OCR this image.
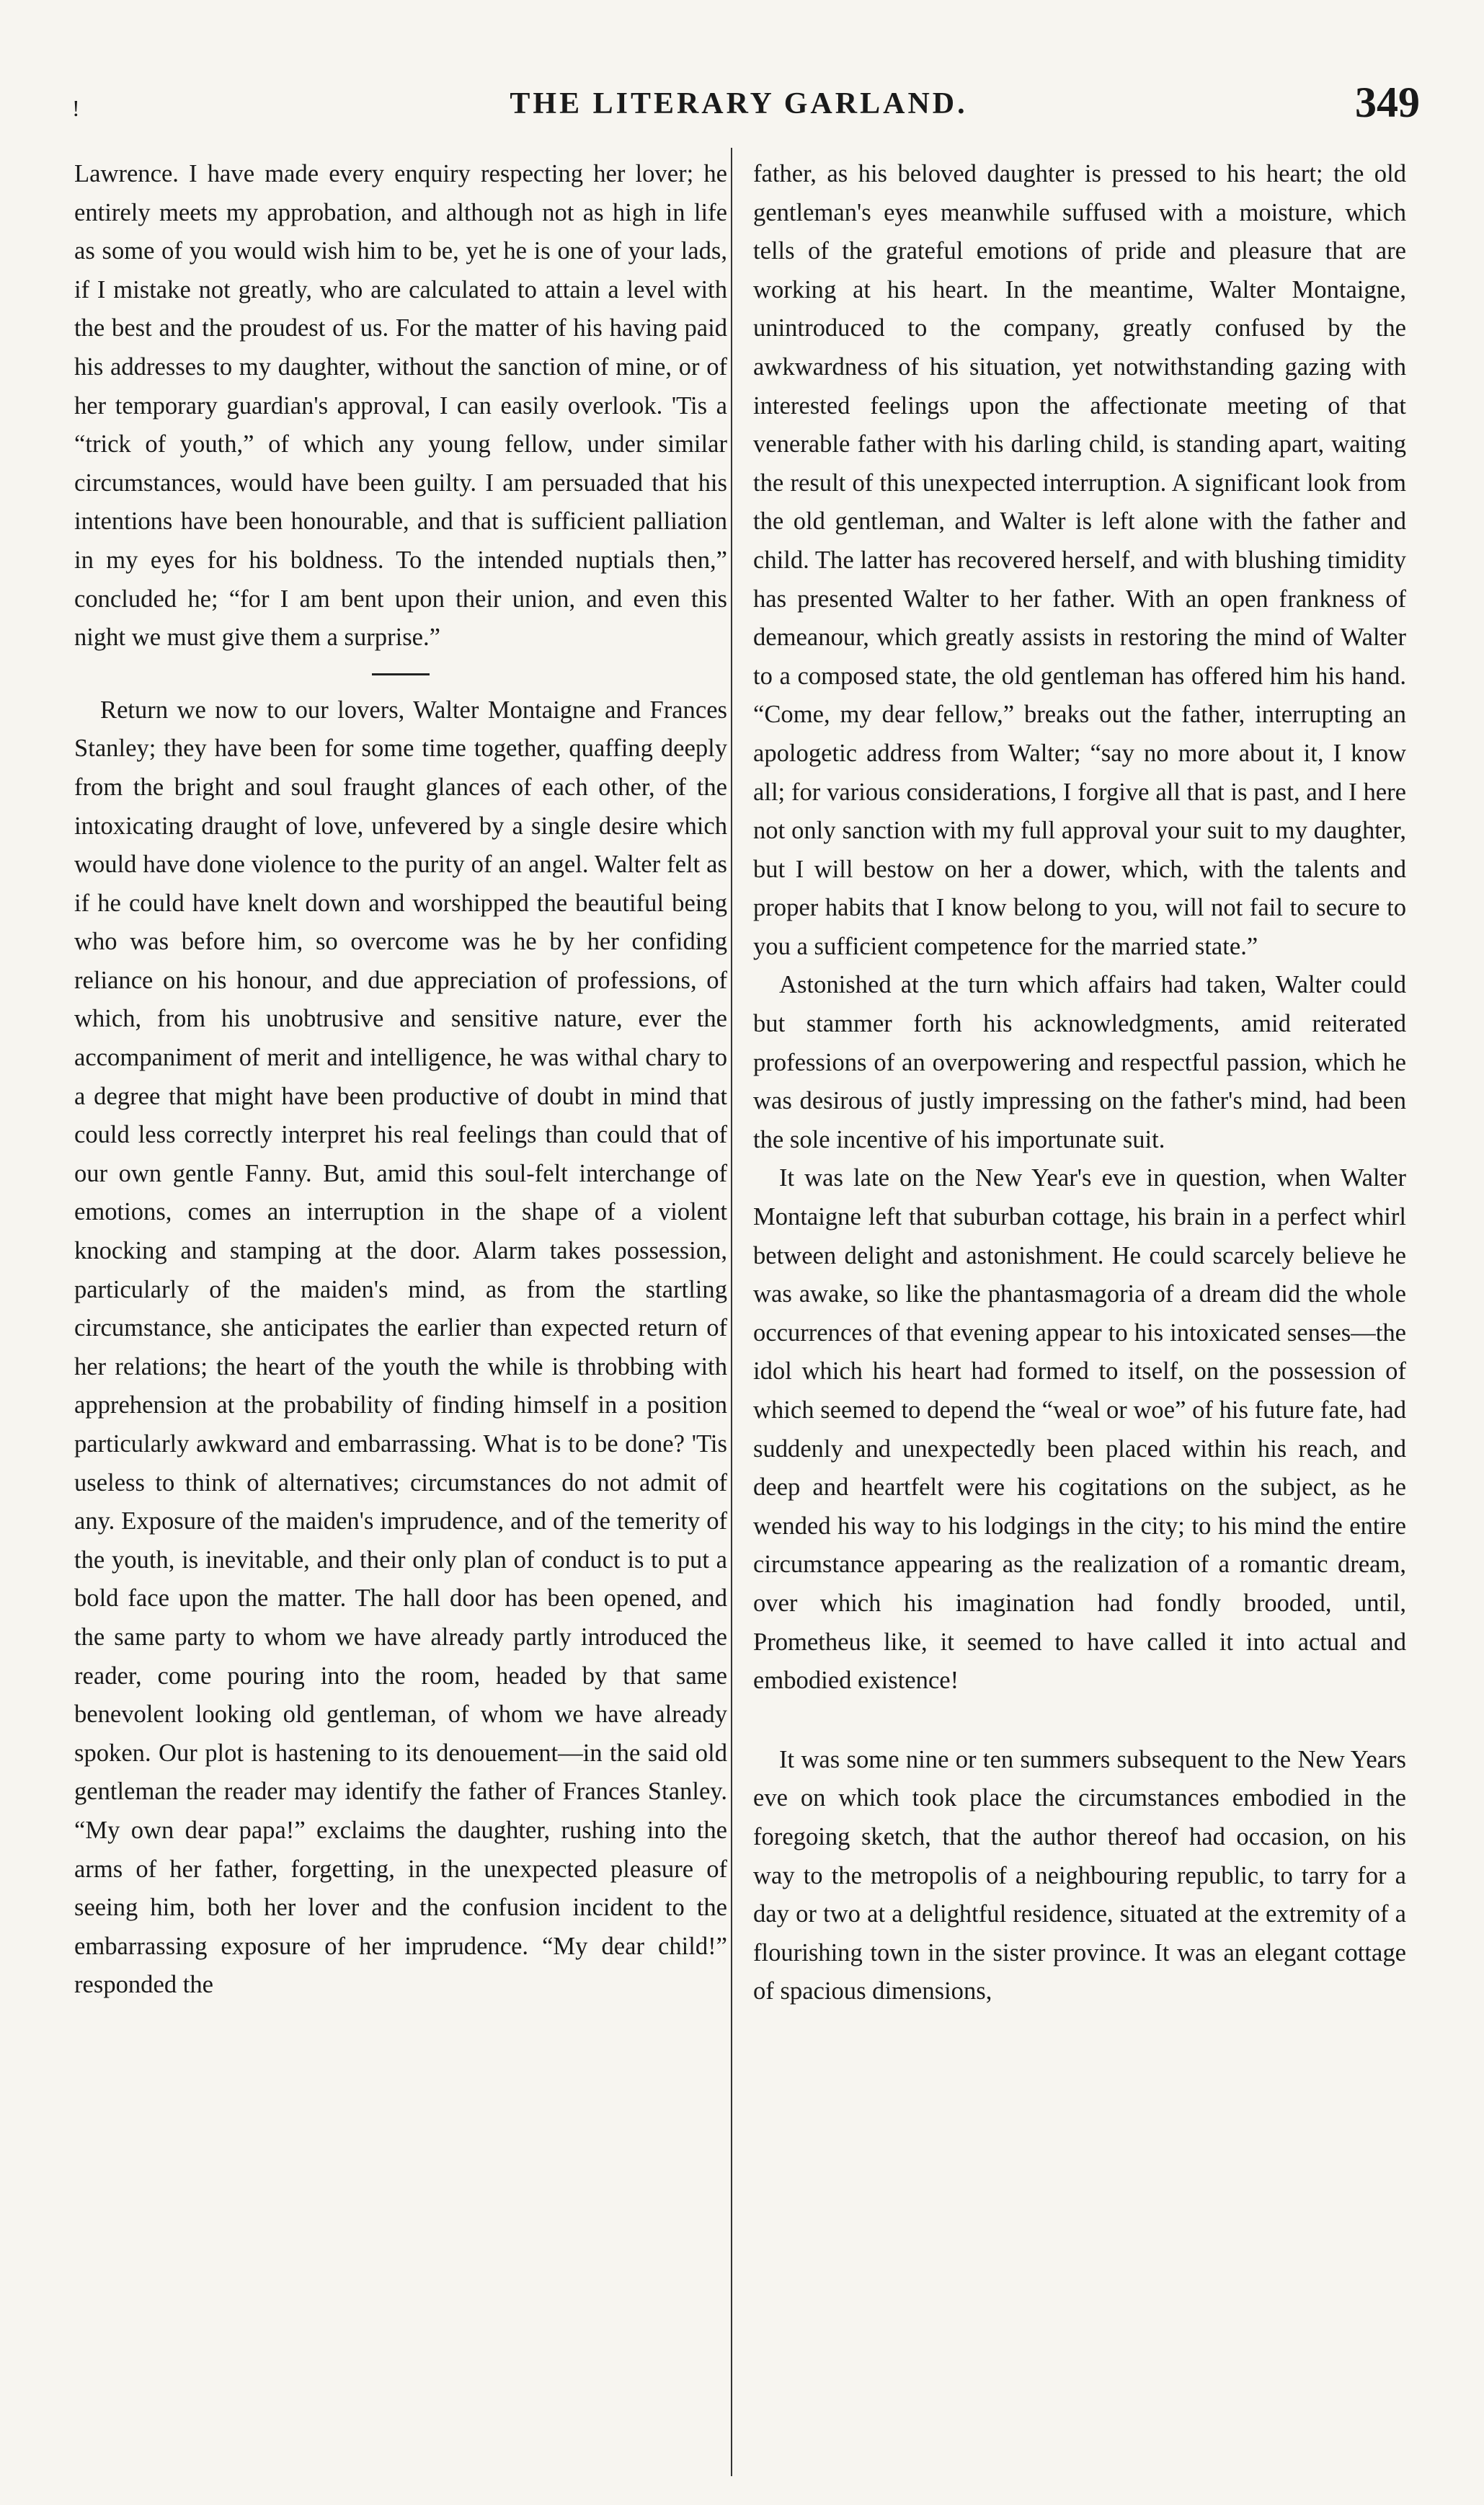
!	THE LITERARY GARLAND.	349

Lawrence. I have made every enquiry respecting her lover; he entirely meets my approbation, and although not as high in life as some of you would wish him to be, yet he is one of your lads, if I mistake not greatly, who are calculated to attain a level with the best and the proudest of us. For the matter of his having paid his addresses to my daughter, without the sanction of mine, or of her temporary guardian's approval, I can easily overlook. 'Tis a “trick of youth,” of which any young fellow, under similar circumstances, would have been guilty. I am persuaded that his intentions have been honourable, and that is sufficient palliation in my eyes for his boldness. To the intended nuptials then,” concluded he; “for I am bent upon their union, and even this night we must give them a surprise.”

Return we now to our lovers, Walter Montaigne and Frances Stanley; they have been for some time together, quaffing deeply from the bright and soul fraught glances of each other, of the intoxicating draught of love, unfevered by a single desire which would have done violence to the purity of an angel. Walter felt as if he could have knelt down and worshipped the beautiful being who was before him, so overcome was he by her confiding reliance on his honour, and due appreciation of professions, of which, from his unobtrusive and sensitive nature, ever the accompaniment of merit and intelligence, he was withal chary to a degree that might have been productive of doubt in mind that could less correctly interpret his real feelings than could that of our own gentle Fanny. But, amid this soul-felt interchange of emotions, comes an interruption in the shape of a violent knocking and stamping at the door. Alarm takes possession, particularly of the maiden's mind, as from the startling circumstance, she anticipates the earlier than expected return of her relations; the heart of the youth the while is throbbing with apprehension at the probability of finding himself in a position particularly awkward and embarrassing. What is to be done? 'Tis useless to think of alternatives; circumstances do not admit of any. Exposure of the maiden's imprudence, and of the temerity of the youth, is inevitable, and their only plan of conduct is to put a bold face upon the matter. The hall door has been opened, and the same party to whom we have already partly introduced the reader, come pouring into the room, headed by that same benevolent looking old gentleman, of whom we have already spoken. Our plot is hastening to its denouement—in the said old gentleman the reader may identify the father of Frances Stanley. “My own dear papa!” exclaims the daughter, rushing into the arms of her father, forgetting, in the unexpected pleasure of seeing him, both her lover and the confusion incident to the embarrassing exposure of her imprudence. “My dear child!” responded the

father, as his beloved daughter is pressed to his heart; the old gentleman's eyes meanwhile suffused with a moisture, which tells of the grateful emotions of pride and pleasure that are working at his heart. In the meantime, Walter Montaigne, unintroduced to the company, greatly confused by the awkwardness of his situation, yet notwithstanding gazing with interested feelings upon the affectionate meeting of that venerable father with his darling child, is standing apart, waiting the result of this unexpected interruption. A significant look from the old gentleman, and Walter is left alone with the father and child. The latter has recovered herself, and with blushing timidity has presented Walter to her father. With an open frankness of demeanour, which greatly assists in restoring the mind of Walter to a composed state, the old gentleman has offered him his hand. “Come, my dear fellow,” breaks out the father, interrupting an apologetic address from Walter; “say no more about it, I know all; for various considerations, I forgive all that is past, and I here not only sanction with my full approval your suit to my daughter, but I will bestow on her a dower, which, with the talents and proper habits that I know belong to you, will not fail to secure to you a sufficient competence for the married state.”

Astonished at the turn which affairs had taken, Walter could but stammer forth his acknowledgments, amid reiterated professions of an overpowering and respectful passion, which he was desirous of justly impressing on the father's mind, had been the sole incentive of his importunate suit.

It was late on the New Year's eve in question, when Walter Montaigne left that suburban cottage, his brain in a perfect whirl between delight and astonishment. He could scarcely believe he was awake, so like the phantasmagoria of a dream did the whole occurrences of that evening appear to his intoxicated senses—the idol which his heart had formed to itself, on the possession of which seemed to depend the “weal or woe” of his future fate, had suddenly and unexpectedly been placed within his reach, and deep and heartfelt were his cogitations on the subject, as he wended his way to his lodgings in the city; to his mind the entire circumstance appearing as the realization of a romantic dream, over which his imagination had fondly brooded, until, Prometheus like, it seemed to have called it into actual and embodied existence!

It was some nine or ten summers subsequent to the New Years eve on which took place the circumstances embodied in the foregoing sketch, that the author thereof had occasion, on his way to the metropolis of a neighbouring republic, to tarry for a day or two at a delightful residence, situated at the extremity of a flourishing town in the sister province. It was an elegant cottage of spacious dimensions,
